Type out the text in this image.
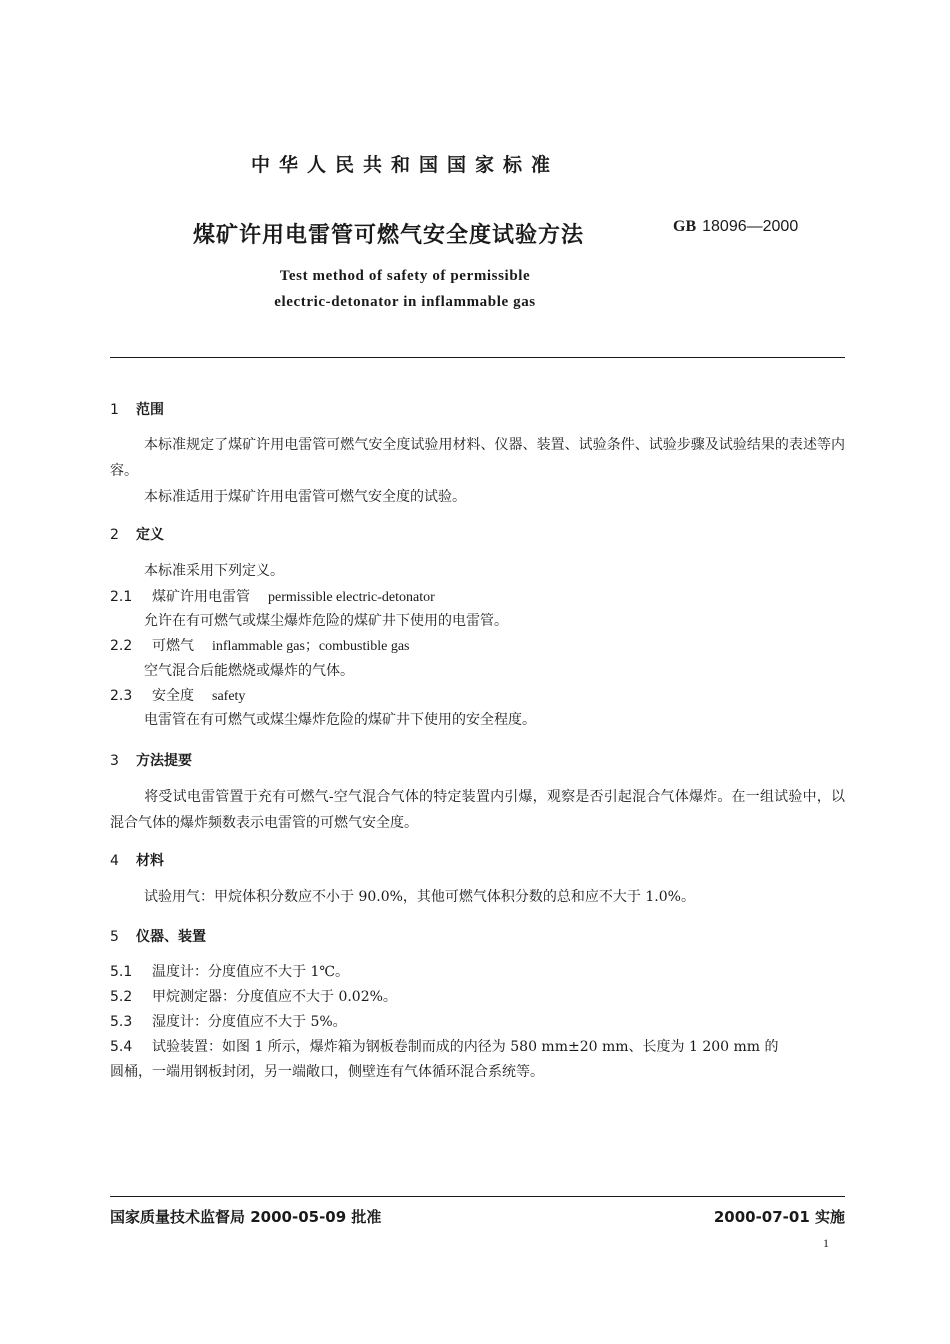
中华人民共和国国家标准
煤矿许用电雷管可燃气安全度试验方法	GB 18096—2000
Test method of safety of permissible
electric-detonator in inflammable gas
1 范围
本标准规定了煤矿许用电雷管可燃气安全度试验用材料、仪器、装置、试验条件、试验步骤及试验结果的表述等内容。
本标准适用于煤矿许用电雷管可燃气安全度的试验。
2 定义
本标准采用下列定义。
2.1 煤矿许用电雷管 permissible electric-detonator
允许在有可燃气或煤尘爆炸危险的煤矿井下使用的电雷管。
2.2 可燃气 inflammable gas；combustible gas
空气混合后能燃烧或爆炸的气体。
2.3 安全度 safety
电雷管在有可燃气或煤尘爆炸危险的煤矿井下使用的安全程度。
3 方法提要
将受试电雷管置于充有可燃气-空气混合气体的特定装置内引爆，观察是否引起混合气体爆炸。在一组试验中，以混合气体的爆炸频数表示电雷管的可燃气安全度。
4 材料
试验用气：甲烷体积分数应不小于 90.0%，其他可燃气体积分数的总和应不大于 1.0%。
5 仪器、装置
5.1 温度计：分度值应不大于 1℃。
5.2 甲烷测定器：分度值应不大于 0.02%。
5.3 湿度计：分度值应不大于 5%。
5.4 试验装置：如图 1 所示，爆炸箱为钢板卷制而成的内径为 580 mm±20 mm、长度为 1 200 mm 的
圆桶，一端用钢板封闭，另一端敞口，侧壁连有气体循环混合系统等。
国家质量技术监督局 2000-05-09 批准	2000-07-01 实施
1
